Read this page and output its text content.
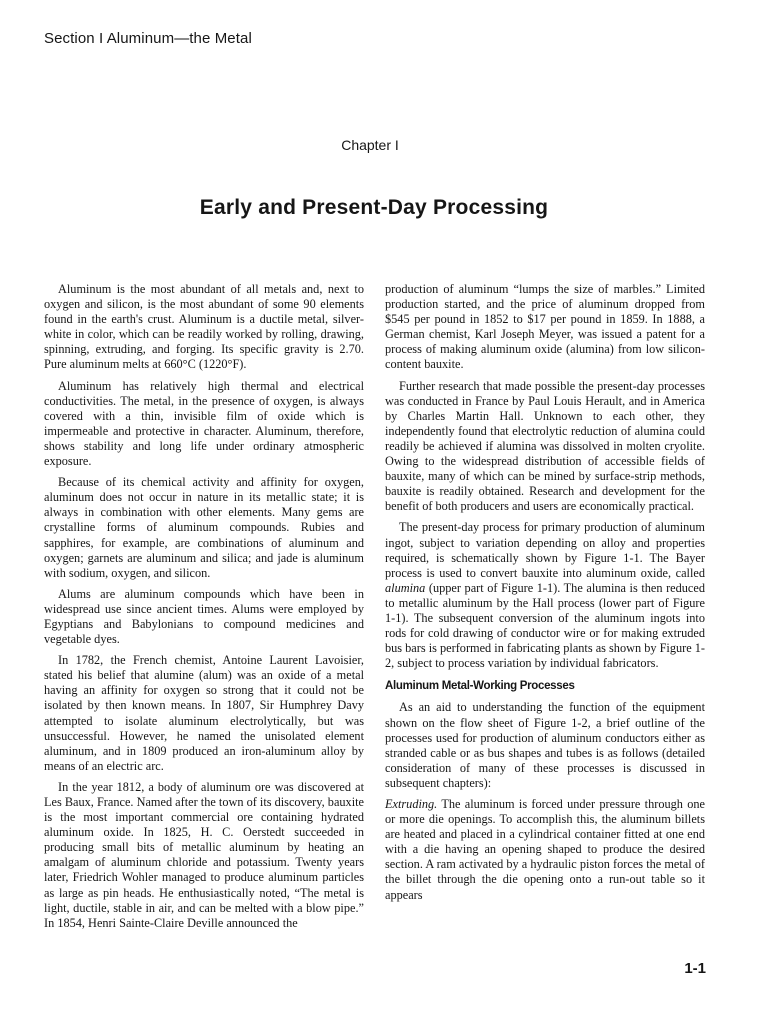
Section I Aluminum—the Metal
Chapter I
Early and Present-Day Processing

Aluminum is the most abundant of all metals and, next to oxygen and silicon, is the most abundant of some 90 elements found in the earth's crust. Aluminum is a ductile metal, silver-white in color, which can be readily worked by rolling, drawing, spinning, extruding, and forging. Its specific gravity is 2.70. Pure aluminum melts at 660°C (1220°F).

Aluminum has relatively high thermal and electrical conductivities. The metal, in the presence of oxygen, is always covered with a thin, invisible film of oxide which is impermeable and protective in character. Aluminum, therefore, shows stability and long life under ordinary atmospheric exposure.

Because of its chemical activity and affinity for oxygen, aluminum does not occur in nature in its metallic state; it is always in combination with other elements. Many gems are crystalline forms of aluminum compounds. Rubies and sapphires, for example, are combinations of aluminum and oxygen; garnets are aluminum and silica; and jade is aluminum with sodium, oxygen, and silicon.

Alums are aluminum compounds which have been in widespread use since ancient times. Alums were employed by Egyptians and Babylonians to compound medicines and vegetable dyes.

In 1782, the French chemist, Antoine Laurent Lavoisier, stated his belief that alumine (alum) was an oxide of a metal having an affinity for oxygen so strong that it could not be isolated by then known means. In 1807, Sir Humphrey Davy attempted to isolate aluminum electrolytically, but was unsuccessful. However, he named the unisolated element aluminum, and in 1809 produced an iron-aluminum alloy by means of an electric arc.

In the year 1812, a body of aluminum ore was discovered at Les Baux, France. Named after the town of its discovery, bauxite is the most important commercial ore containing hydrated aluminum oxide. In 1825, H. C. Oerstedt succeeded in producing small bits of metallic aluminum by heating an amalgam of aluminum chloride and potassium. Twenty years later, Friedrich Wohler managed to produce aluminum particles as large as pin heads. He enthusiastically noted, “The metal is light, ductile, stable in air, and can be melted with a blow pipe.” In 1854, Henri Sainte-Claire Deville announced the

production of aluminum “lumps the size of marbles.” Limited production started, and the price of aluminum dropped from $545 per pound in 1852 to $17 per pound in 1859. In 1888, a German chemist, Karl Joseph Meyer, was issued a patent for a process of making aluminum oxide (alumina) from low silicon-content bauxite.

Further research that made possible the present-day processes was conducted in France by Paul Louis Herault, and in America by Charles Martin Hall. Unknown to each other, they independently found that electrolytic reduction of alumina could readily be achieved if alumina was dissolved in molten cryolite. Owing to the widespread distribution of accessible fields of bauxite, many of which can be mined by surface-strip methods, bauxite is readily obtained. Research and development for the benefit of both producers and users are economically practical.

The present-day process for primary production of aluminum ingot, subject to variation depending on alloy and properties required, is schematically shown by Figure 1-1. The Bayer process is used to convert bauxite into aluminum oxide, called alumina (upper part of Figure 1-1). The alumina is then reduced to metallic aluminum by the Hall process (lower part of Figure 1-1). The subsequent conversion of the aluminum ingots into rods for cold drawing of conductor wire or for making extruded bus bars is performed in fabricating plants as shown by Figure 1-2, subject to process variation by individual fabricators.

Aluminum Metal-Working Processes

As an aid to understanding the function of the equipment shown on the flow sheet of Figure 1-2, a brief outline of the processes used for production of aluminum conductors either as stranded cable or as bus shapes and tubes is as follows (detailed consideration of many of these processes is discussed in subsequent chapters):

Extruding. The aluminum is forced under pressure through one or more die openings. To accomplish this, the aluminum billets are heated and placed in a cylindrical container fitted at one end with a die having an opening shaped to produce the desired section. A ram activated by a hydraulic piston forces the metal of the billet through the die opening onto a run-out table so it appears

1-1
